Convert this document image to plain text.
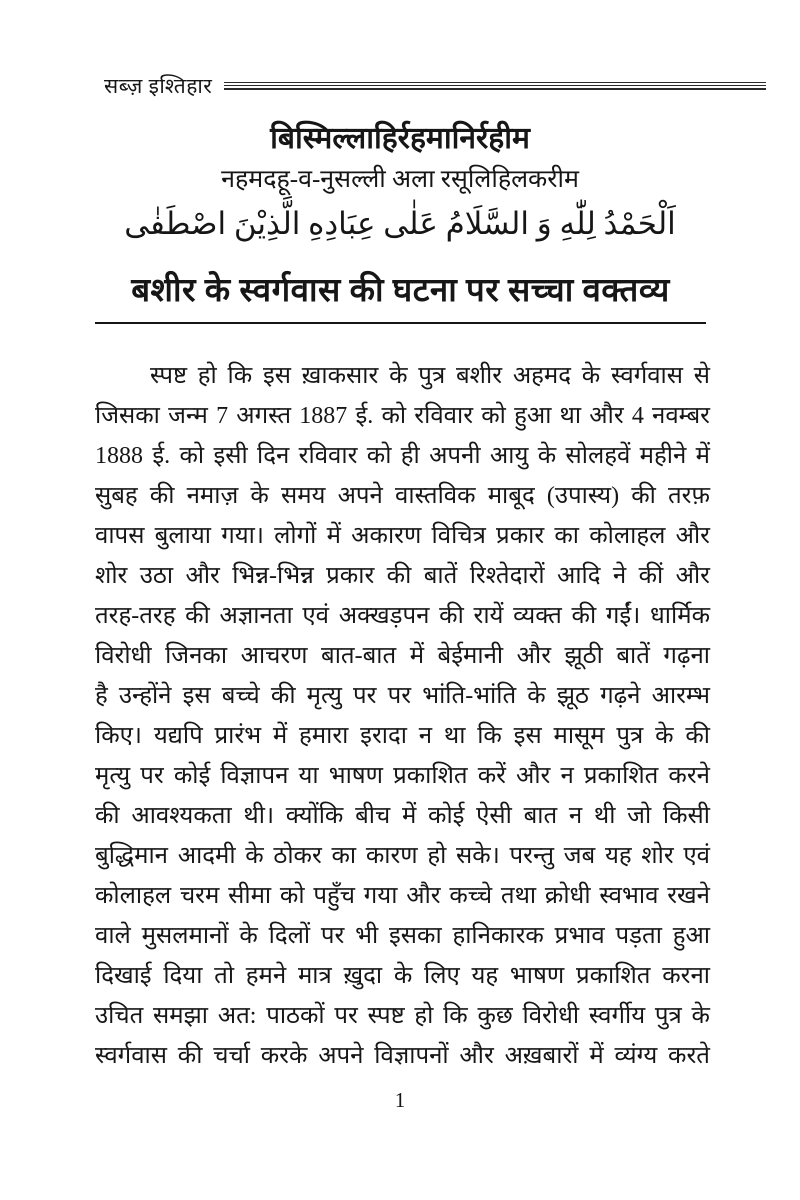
सब्ज़ इश्तिहार
बिस्मिल्लाहिर्रहमानिर्रहीम
नहमदहू-व-नुसल्ली अला रसूलिहिलकरीम
اَلْحَمْدُ لِلّٰهِ وَ السَّلَامُ عَلٰى عِبَادِهِ الَّذِيْنَ اصْطَفٰى
बशीर के स्वर्गवास की घटना पर सच्चा वक्तव्य
स्पष्ट हो कि इस ख़ाकसार के पुत्र बशीर अहमद के स्वर्गवास से
जिसका जन्म 7 अगस्त 1887 ई. को रविवार को हुआ था और 4 नवम्बर
1888 ई. को इसी दिन रविवार को ही अपनी आयु के सोलहवें महीने में
सुबह की नमाज़ के समय अपने वास्तविक माबूद (उपास्य) की तरफ़
वापस बुलाया गया। लोगों में अकारण विचित्र प्रकार का कोलाहल और
शोर उठा और भिन्न-भिन्न प्रकार की बातें रिश्तेदारों आदि ने कीं और
तरह-तरह की अज्ञानता एवं अक्खड़पन की रायें व्यक्त की गईं। धार्मिक
विरोधी जिनका आचरण बात-बात में बेईमानी और झूठी बातें गढ़ना
है उन्होंने इस बच्चे की मृत्यु पर पर भांति-भांति के झूठ गढ़ने आरम्भ
किए। यद्यपि प्रारंभ में हमारा इरादा न था कि इस मासूम पुत्र के की
मृत्यु पर कोई विज्ञापन या भाषण प्रकाशित करें और न प्रकाशित करने
की आवश्यकता थी। क्योंकि बीच में कोई ऐसी बात न थी जो किसी
बुद्धिमान आदमी के ठोकर का कारण हो सके। परन्तु जब यह शोर एवं
कोलाहल चरम सीमा को पहुँच गया और कच्चे तथा क्रोधी स्वभाव रखने
वाले मुसलमानों के दिलों पर भी इसका हानिकारक प्रभाव पड़ता हुआ
दिखाई दिया तो हमने मात्र ख़ुदा के लिए यह भाषण प्रकाशित करना
उचित समझा अत: पाठकों पर स्पष्ट हो कि कुछ विरोधी स्वर्गीय पुत्र के
स्वर्गवास की चर्चा करके अपने विज्ञापनों और अख़बारों में व्यंग्य करते
1
